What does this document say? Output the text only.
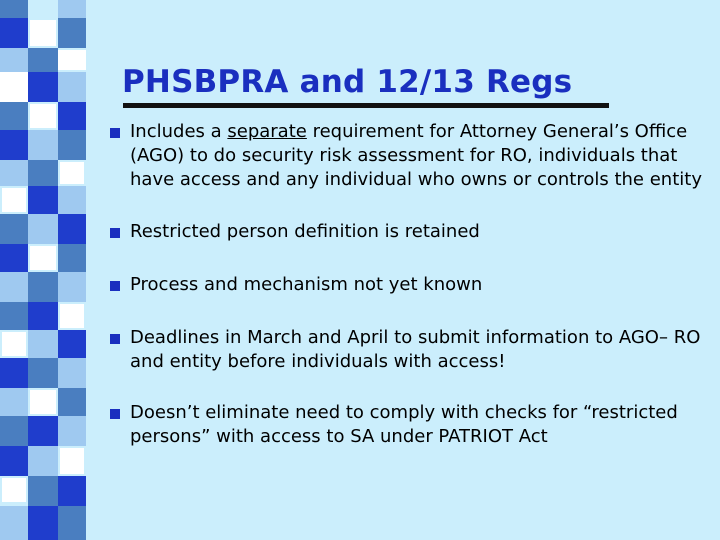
PHSBPRA and 12/13 Regs
Includes a separate requirement for Attorney General’s Office (AGO) to do security risk assessment for RO, individuals that have access and any individual who owns or controls the entity
Restricted person definition is retained
Process and mechanism not yet known
Deadlines in March and April to submit information to AGO– RO and entity before individuals with access!
Doesn’t eliminate need to comply with checks for “restricted persons” with access to SA under PATRIOT Act
